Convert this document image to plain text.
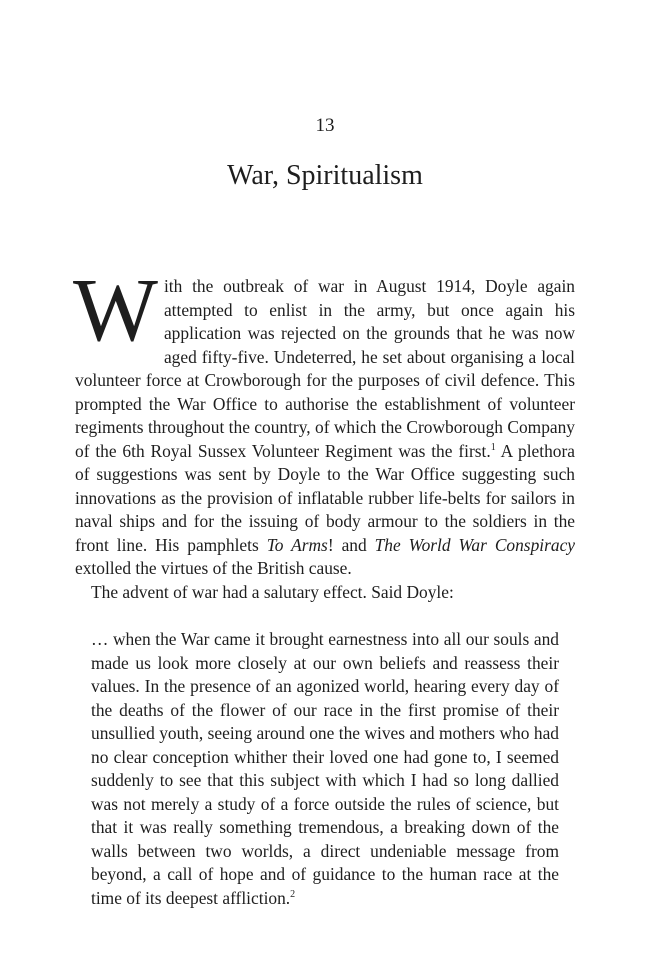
13
War, Spiritualism

With the outbreak of war in August 1914, Doyle again attempted to enlist in the army, but once again his application was rejected on the grounds that he was now aged fifty-five. Undeterred, he set about organising a local volunteer force at Crowborough for the purposes of civil defence. This prompted the War Office to authorise the establishment of volunteer regiments throughout the country, of which the Crowborough Company of the 6th Royal Sussex Volunteer Regiment was the first.$^1$ A plethora of suggestions was sent by Doyle to the War Office suggesting such innovations as the provision of inflatable rubber life-belts for sailors in naval ships and for the issuing of body armour to the soldiers in the front line. His pamphlets To Arms! and The World War Conspiracy extolled the virtues of the British cause.

The advent of war had a salutary effect. Said Doyle:

… when the War came it brought earnestness into all our souls and made us look more closely at our own beliefs and reassess their values. In the presence of an agonized world, hearing every day of the deaths of the flower of our race in the first promise of their unsullied youth, seeing around one the wives and mothers who had no clear conception whither their loved one had gone to, I seemed suddenly to see that this subject with which I had so long dallied was not merely a study of a force outside the rules of science, but that it was really something tremendous, a breaking down of the walls between two worlds, a direct undeniable message from beyond, a call of hope and of guidance to the human race at the time of its deepest affliction.$^2$
